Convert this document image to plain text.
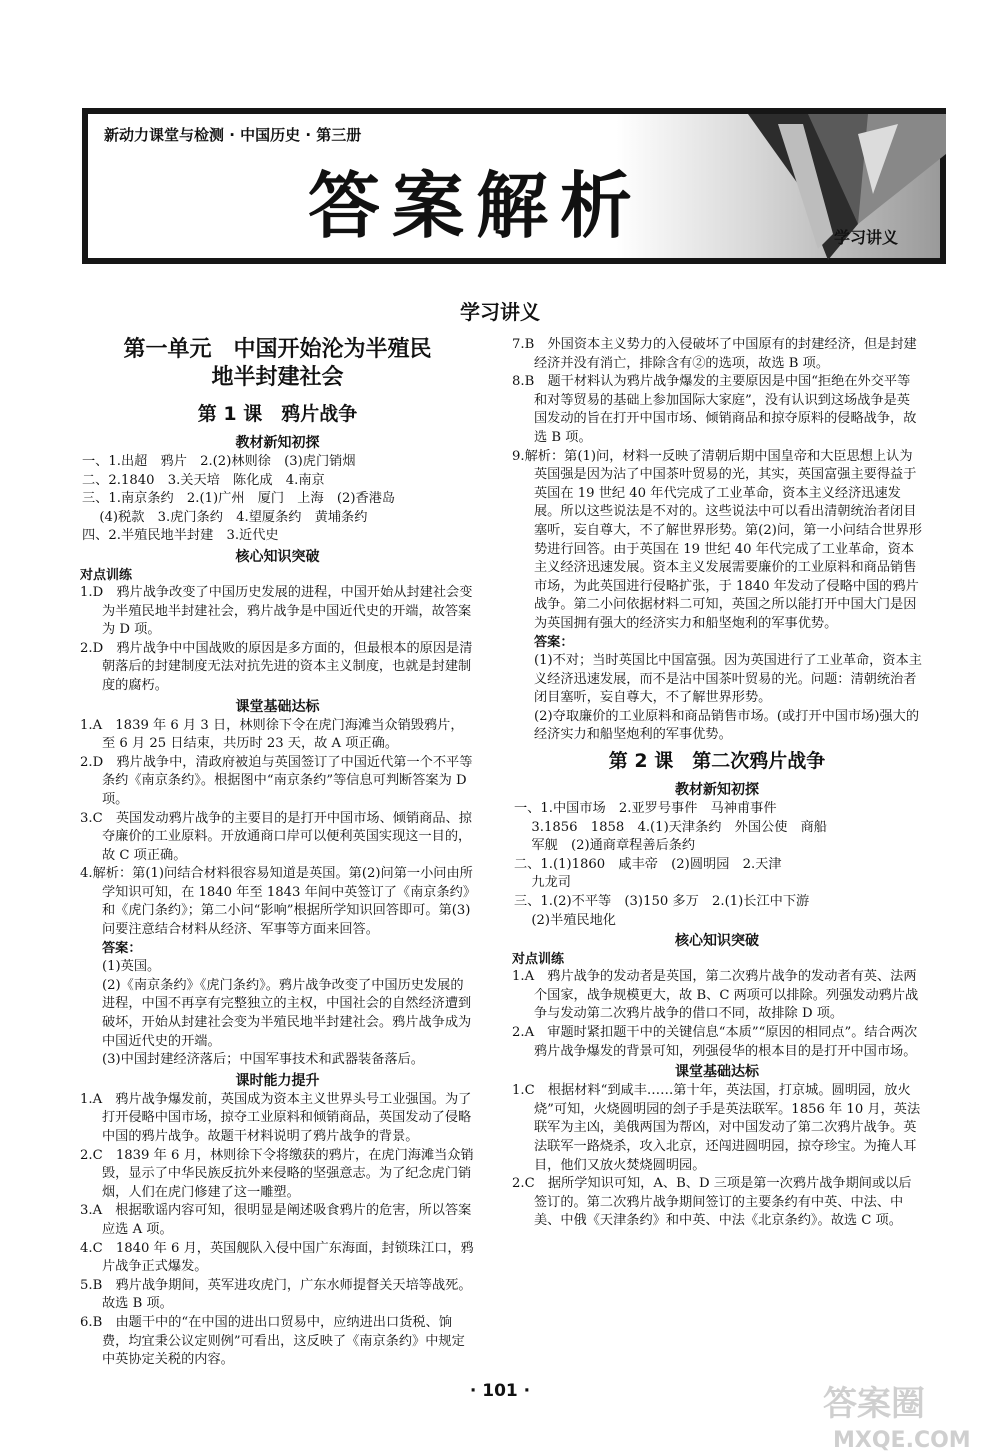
新动力课堂与检测 · 中国历史 · 第三册
答案解析	学习讲义
学习讲义
第一单元　中国开始沦为半殖民
地半封建社会
第 1 课　鸦片战争
教材新知初探
一、1.出超　鸦片　2.(2)林则徐　(3)虎门销烟
二、2.1840　3.关天培　陈化成　4.南京
三、1.南京条约　2.(1)广州　厦门　上海　(2)香港岛
　 (4)税款　3.虎门条约　4.望厦条约　黄埔条约
四、2.半殖民地半封建　3.近代史
核心知识突破
对点训练

1.D　鸦片战争改变了中国历史发展的进程，中国开始从封建社会变为半殖民地半封建社会，鸦片战争是中国近代史的开端，故答案为 D 项。

2.D　鸦片战争中中国战败的原因是多方面的，但最根本的原因是清朝落后的封建制度无法对抗先进的资本主义制度，也就是封建制度的腐朽。

课堂基础达标

1.A　1839 年 6 月 3 日，林则徐下令在虎门海滩当众销毁鸦片，至 6 月 25 日结束，共历时 23 天，故 A 项正确。

2.D　鸦片战争中，清政府被迫与英国签订了中国近代第一个不平等条约《南京条约》。根据图中“南京条约”等信息可判断答案为 D 项。

3.C　英国发动鸦片战争的主要目的是打开中国市场、倾销商品、掠夺廉价的工业原料。开放通商口岸可以便利英国实现这一目的，故 C 项正确。

4.解析：第(1)问结合材料很容易知道是英国。第(2)问第一小问由所学知识可知，在 1840 年至 1843 年间中英签订了《南京条约》和《虎门条约》；第二小问“影响”根据所学知识回答即可。第(3)问要注意结合材料从经济、军事等方面来回答。

答案：

(1)英国。

(2)《南京条约》《虎门条约》。鸦片战争改变了中国历史发展的进程，中国不再享有完整独立的主权，中国社会的自然经济遭到破坏，开始从封建社会变为半殖民地半封建社会。鸦片战争成为中国近代史的开端。

(3)中国封建经济落后；中国军事技术和武器装备落后。

课时能力提升

1.A　鸦片战争爆发前，英国成为资本主义世界头号工业强国。为了打开侵略中国市场，掠夺工业原料和倾销商品，英国发动了侵略中国的鸦片战争。故题干材料说明了鸦片战争的背景。

2.C　1839 年 6 月，林则徐下令将缴获的鸦片，在虎门海滩当众销毁，显示了中华民族反抗外来侵略的坚强意志。为了纪念虎门销烟，人们在虎门修建了这一雕塑。

3.A　根据歌谣内容可知，很明显是阐述吸食鸦片的危害，所以答案应选 A 项。

4.C　1840 年 6 月，英国舰队入侵中国广东海面，封锁珠江口，鸦片战争正式爆发。

5.B　鸦片战争期间，英军进攻虎门，广东水师提督关天培等战死。故选 B 项。

6.B　由题干中的“在中国的进出口贸易中，应纳进出口货税、饷费，均宜秉公议定则例”可看出，这反映了《南京条约》中规定中英协定关税的内容。

7.B　外国资本主义势力的入侵破坏了中国原有的封建经济，但是封建经济并没有消亡，排除含有②的选项，故选 B 项。

8.B　题干材料认为鸦片战争爆发的主要原因是中国“拒绝在外交平等和对等贸易的基础上参加国际大家庭”，没有认识到这场战争是英国发动的旨在打开中国市场、倾销商品和掠夺原料的侵略战争，故选 B 项。

9.解析：第(1)问，材料一反映了清朝后期中国皇帝和大臣思想上认为英国强是因为沾了中国茶叶贸易的光，其实，英国富强主要得益于英国在 19 世纪 40 年代完成了工业革命，资本主义经济迅速发展。所以这些说法是不对的。这些说法中可以看出清朝统治者闭目塞听，妄自尊大，不了解世界形势。第(2)问，第一小问结合世界形势进行回答。由于英国在 19 世纪 40 年代完成了工业革命，资本主义经济迅速发展。资本主义发展需要廉价的工业原料和商品销售市场，为此英国进行侵略扩张，于 1840 年发动了侵略中国的鸦片战争。第二小问依据材料二可知，英国之所以能打开中国大门是因为英国拥有强大的经济实力和船坚炮利的军事优势。

答案：

(1)不对；当时英国比中国富强。因为英国进行了工业革命，资本主义经济迅速发展，而不是沾中国茶叶贸易的光。问题：清朝统治者闭目塞听，妄自尊大，不了解世界形势。

(2)夺取廉价的工业原料和商品销售市场。(或打开中国市场)强大的经济实力和船坚炮利的军事优势。

第 2 课　第二次鸦片战争
教材新知初探
一、1.中国市场　2.亚罗号事件　马神甫事件
　 3.1856　1858　4.(1)天津条约　外国公使　商船
　 军舰　(2)通商章程善后条约
二、1.(1)1860　咸丰帝　(2)圆明园　2.天津
　 九龙司
三、1.(2)不平等　(3)150 多万　2.(1)长江中下游
　 (2)半殖民地化
核心知识突破
对点训练

1.A　鸦片战争的发动者是英国，第二次鸦片战争的发动者有英、法两个国家，战争规模更大，故 B、C 两项可以排除。列强发动鸦片战争与发动第二次鸦片战争的借口不同，故排除 D 项。

2.A　审题时紧扣题干中的关键信息“本质”“原因的相同点”。结合两次鸦片战争爆发的背景可知，列强侵华的根本目的是打开中国市场。

课堂基础达标

1.C　根据材料“到咸丰……第十年，英法国，打京城。圆明园，放火烧”可知，火烧圆明园的刽子手是英法联军。1856 年 10 月，英法联军为主凶，美俄两国为帮凶，对中国发动了第二次鸦片战争。英法联军一路烧杀，攻入北京，还闯进圆明园，掠夺珍宝。为掩人耳目，他们又放火焚烧圆明园。

2.C　据所学知识可知，A、B、D 三项是第一次鸦片战争期间或以后签订的。第二次鸦片战争期间签订的主要条约有中英、中法、中美、中俄《天津条约》和中英、中法《北京条约》。故选 C 项。

· 101 ·	答案圈
MXQE.COM
